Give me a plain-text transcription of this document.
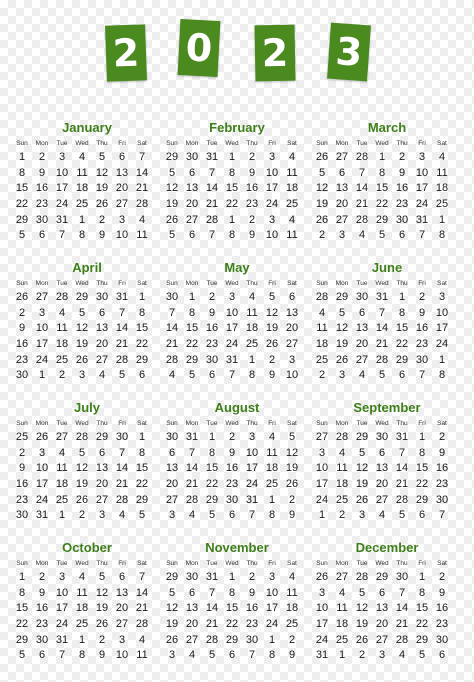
2 0 2 3
January
Sun	Mon	Tue	Wed	Thu	Fri	Sat
1	2	3	4	5	6	7
8	9 10 11 12 13 14
15 16 17 18 19 20 21
22 23 24 25 26 27 28
29 30 31 1	2	3	4
5	6	7	8	9 10 11
February
Sun	Mon	Tue	Wed	Thu	Fri	Sat
29 30 31 1	2	3	4
5	6	7	8	9 10 11
12 13 14 15 16 17 18
19 20 21 22 23 24 25
26 27 28 1	2	3	4
5	6	7	8	9 10 11
March
Sun	Mon	Tue	Wed	Thu	Fri	Sat
26 27 28 1	2	3	4
5	6	7	8	9 10 11
12 13 14 15 16 17 18
19 20 21 22 23 24 25
26 27 28 29 30 31 1
2	3	4	5	6	7	8
April
Sun	Mon	Tue	Wed	Thu	Fri	Sat
26 27 28 29 30 31 1
2	3	4	5	6	7	8
9 10 11 12 13 14 15
16 17 18 19 20 21 22
23 24 25 26 27 28 29
30 1	2	3	4	5	6
May
Sun	Mon	Tue	Wed	Thu	Fri	Sat
30 1	2	3	4	5	6
7	8	9 10 11 12 13
14 15 16 17 18 19 20
21 22 23 24 25 26 27
28 29 30 31 1	2	3
4	5	6	7	8	9 10
June
Sun	Mon	Tue	Wed	Thu	Fri	Sat
28 29 30 31 1	2	3
4	5	6	7	8	9 10
11 12 13 14 15 16 17
18 19 20 21 22 23 24
25 26 27 28 29 30 1
2	3	4	5	6	7	8
July
Sun	Mon	Tue	Wed	Thu	Fri	Sat
25 26 27 28 29 30 1
2	3	4	5	6	7	8
9 10 11 12 13 14 15
16 17 18 19 20 21 22
23 24 25 26 27 28 29
30 31 1	2	3	4	5
August
Sun	Mon	Tue	Wed	Thu	Fri	Sat
30 31 1	2	3	4	5
6	7	8	9 10 11 12
13 14 15 16 17 18 19
20 21 22 23 24 25 26
27 28 29 30 31 1	2
3	4	5	6	7	8	9
September
Sun	Mon	Tue	Wed	Thu	Fri	Sat
27 28 29 30 31 1	2
3	4	5	6	7	8	9
10 11 12 13 14 15 16
17 18 19 20 21 22 23
24 25 26 27 28 29 30
1	2	3	4	5	6	7
October
Sun	Mon	Tue	Wed	Thu	Fri	Sat
1	2	3	4	5	6	7
8	9 10 11 12 13 14
15 16 17 18 19 20 21
22 23 24 25 26 27 28
29 30 31 1	2	3	4
5	6	7	8	9 10 11
November
Sun	Mon	Tue	Wed	Thu	Fri	Sat
29 30 31 1	2	3	4
5	6	7	8	9 10 11
12 13 14 15 16 17 18
19 20 21 22 23 24 25
26 27 28 29 30 1	2
3	4	5	6	7	8	9
December
Sun	Mon	Tue	Wed	Thu	Fri	Sat
26 27 28 29 30 1	2
3	4	5	6	7	8	9
10 11 12 13 14 15 16
17 18 19 20 21 22 23
24 25 26 27 28 29 30
31 1	2	3	4	5	6
